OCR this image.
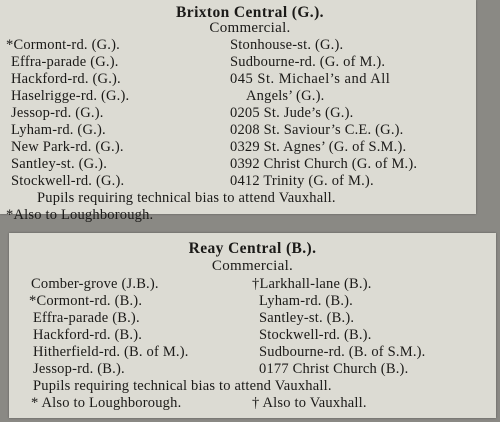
Brixton Central (G.).
Commercial.
*Cormont-rd. (G.).
Effra-parade (G.).
Hackford-rd. (G.).
Haselrigge-rd. (G.).
Jessop-rd. (G.).
Lyham-rd. (G.).
New Park-rd. (G.).
Santley-st. (G.).
Stockwell-rd. (G.).
Stonhouse-st. (G.).
Sudbourne-rd. (G. of M.).
045 St. Michael’s and All
Angels’ (G.).
0205 St. Jude’s (G.).
0208 St. Saviour’s C.E. (G.).
0329 St. Agnes’ (G. of S.M.).
0392 Christ Church (G. of M.).
0412 Trinity (G. of M.).
Pupils requiring technical bias to attend Vauxhall.
*Also to Loughborough.
Reay Central (B.).
Commercial.
Comber-grove (J.B.).
*Cormont-rd. (B.).
Effra-parade (B.).
Hackford-rd. (B.).
Hitherfield-rd. (B. of M.).
Jessop-rd. (B.).
†Larkhall-lane (B.).
Lyham-rd. (B.).
Santley-st. (B.).
Stockwell-rd. (B.).
Sudbourne-rd. (B. of S.M.).
0177 Christ Church (B.).
Pupils requiring technical bias to attend Vauxhall.
* Also to Loughborough.	† Also to Vauxhall.
